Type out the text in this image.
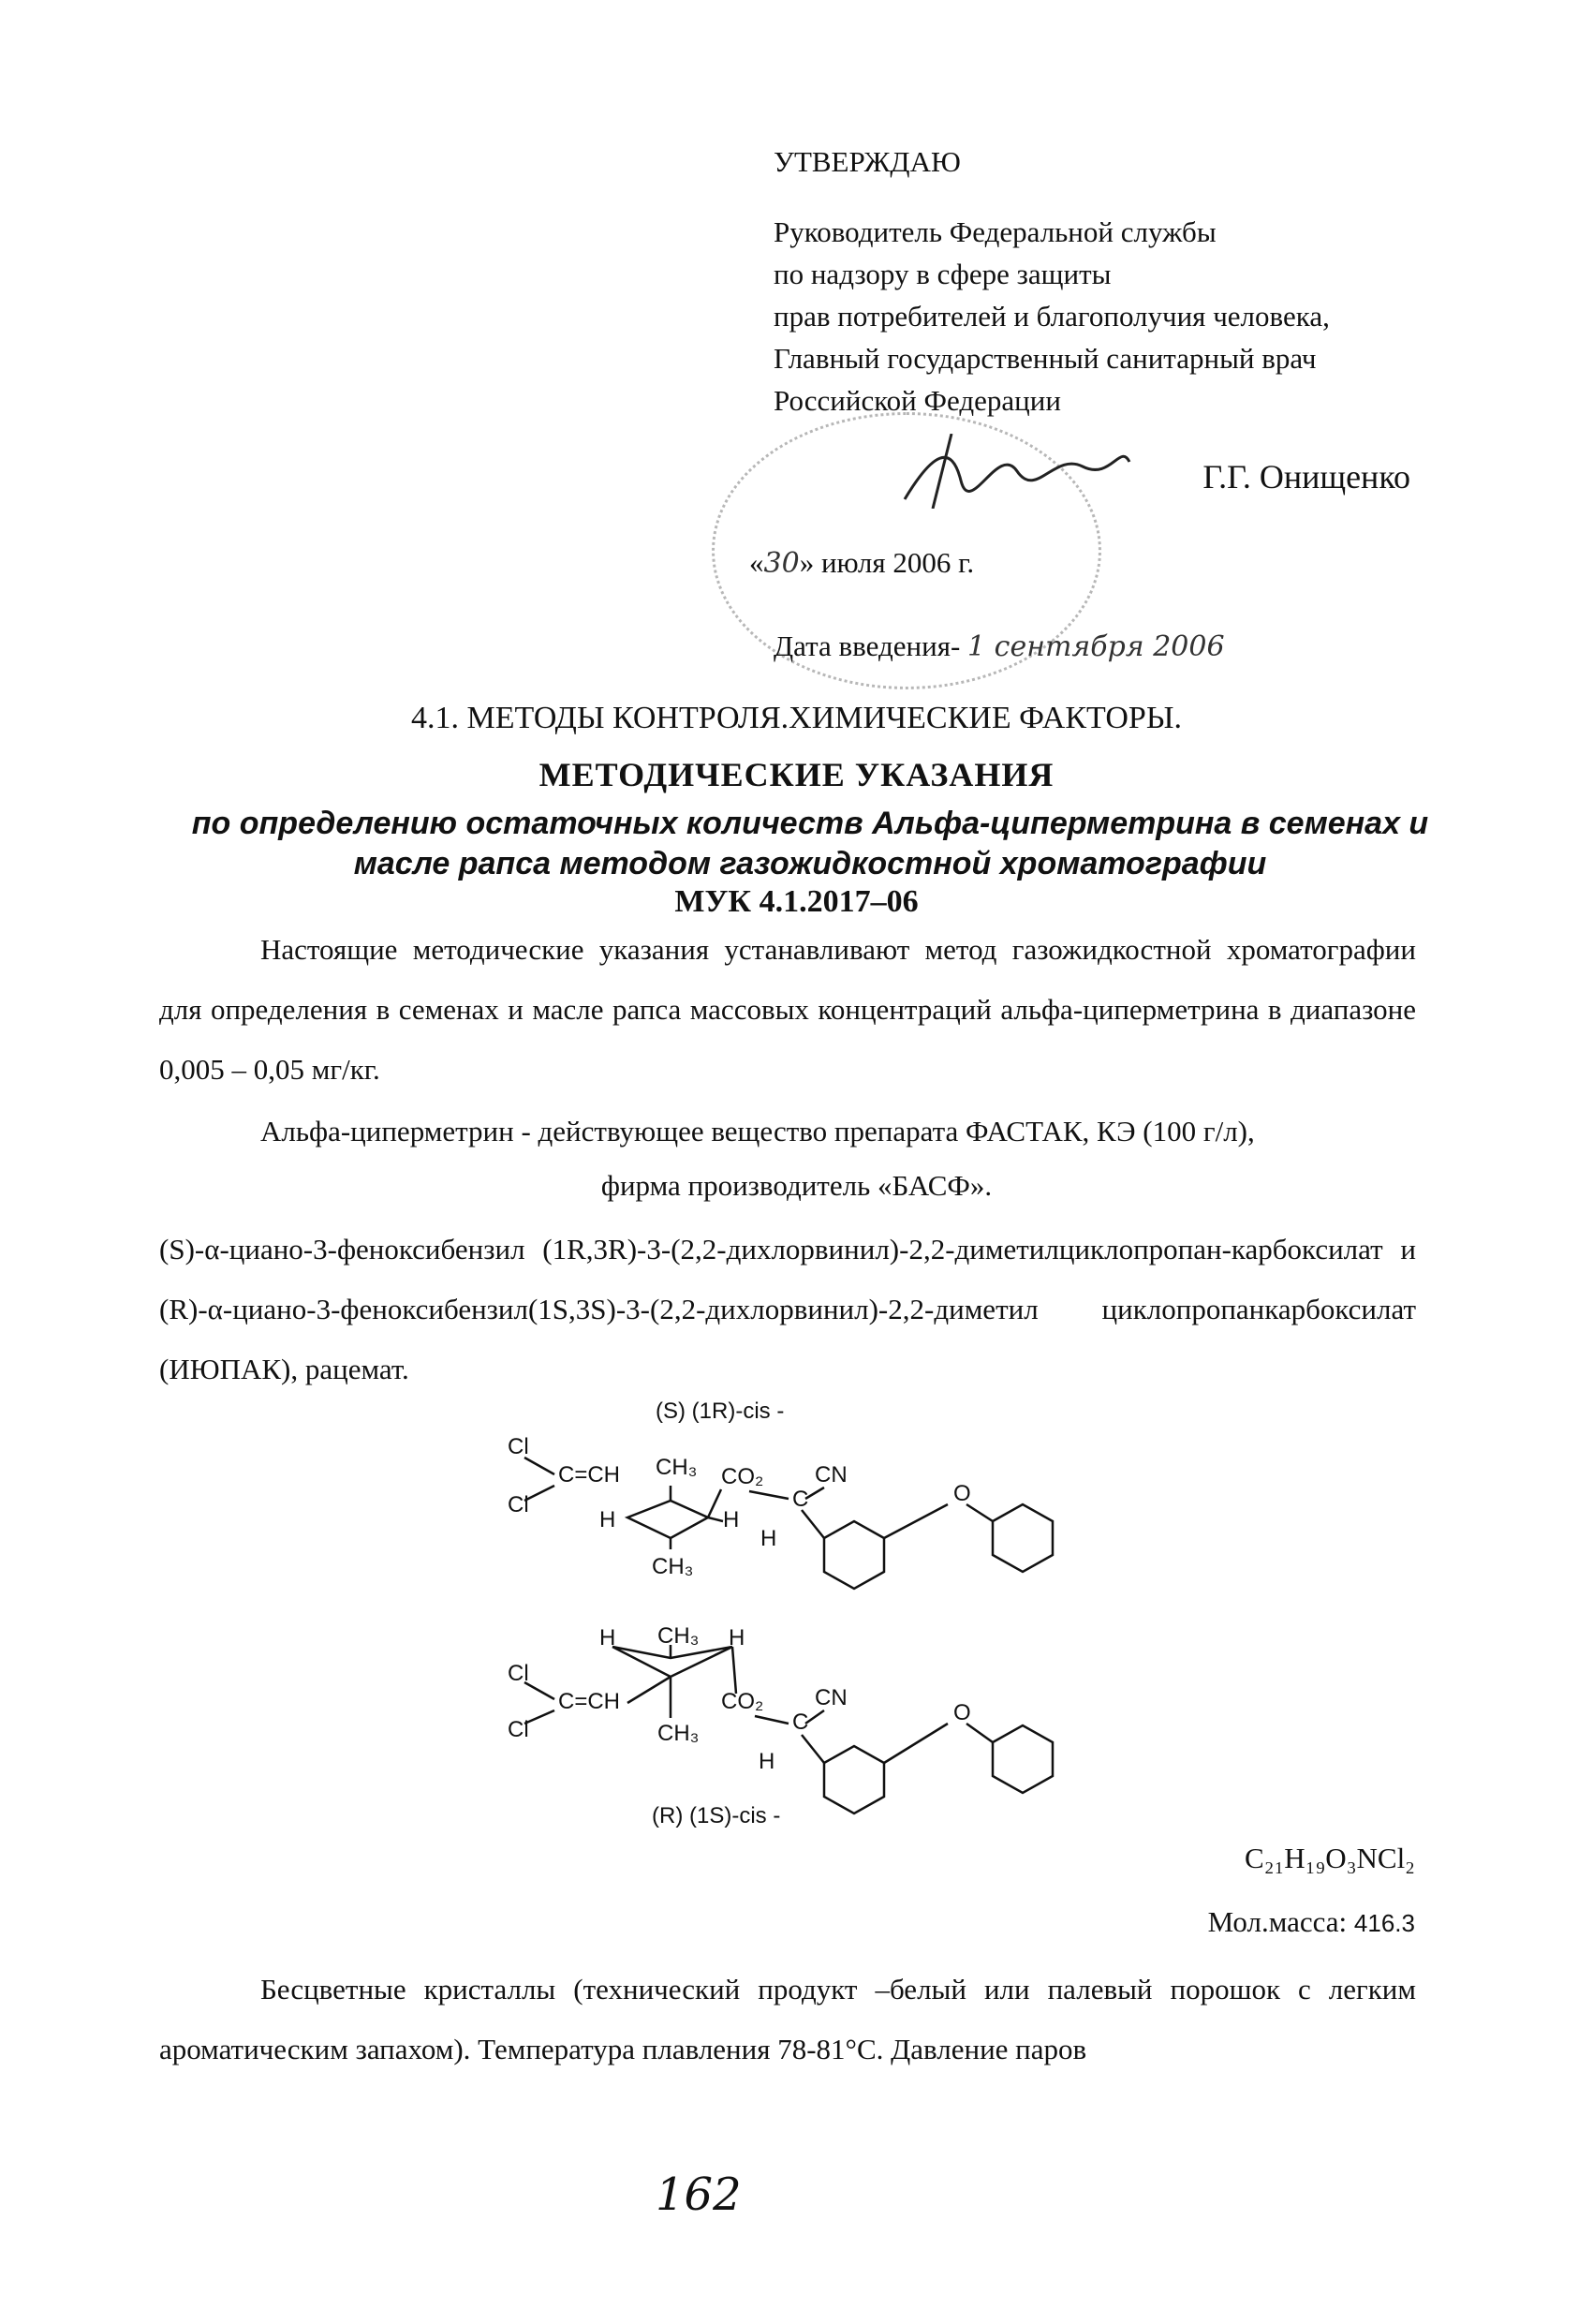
УТВЕРЖДАЮ
Руководитель Федеральной службы
по надзору в сфере защиты
прав потребителей и благополучия человека,
Главный государственный санитарный врач
Российской Федерации
Г.Г. Онищенко
«30» июля 2006 г.
Дата введения- 1 сентября 2006
4.1. МЕТОДЫ КОНТРОЛЯ.ХИМИЧЕСКИЕ ФАКТОРЫ.
МЕТОДИЧЕСКИЕ УКАЗАНИЯ
по определению остаточных количеств Альфа-циперметрина в семенах и масле рапса методом газожидкостной хроматографии
МУК 4.1.2017–06
Настоящие методические указания устанавливают метод газожидкостной хроматографии для определения в семенах и масле рапса массовых концентраций альфа-циперметрина в диапазоне 0,005 – 0,05 мг/кг.
Альфа-циперметрин - действующее вещество препарата ФАСТАК, КЭ (100 г/л),
фирма производитель «БАСФ».
(S)-α-циано-3-феноксибензил (1R,3R)-3-(2,2-дихлорвинил)-2,2-диметилциклопропан-карбоксилат и (R)-α-циано-3-феноксибензил(1S,3S)-3-(2,2-дихлорвинил)-2,2-диметил циклопропанкарбоксилат (ИЮПАК), рацемат.
(S) (1R)-cis -
Cl
Cl
C=CH CH₃ CO₂
C
CN
H	H
H
CH₃
O
H CH₃ H
Cl
Cl
C=CH	CO₂
C
CN
CH₃
H
O
(R) (1S)-cis -
C₂₁H₁₉O₃NCl₂
Мол.масса: 416.3
Бесцветные кристаллы (технический продукт –белый или палевый порошок с легким ароматическим запахом). Температура плавления 78-81°C. Давление паров
162
